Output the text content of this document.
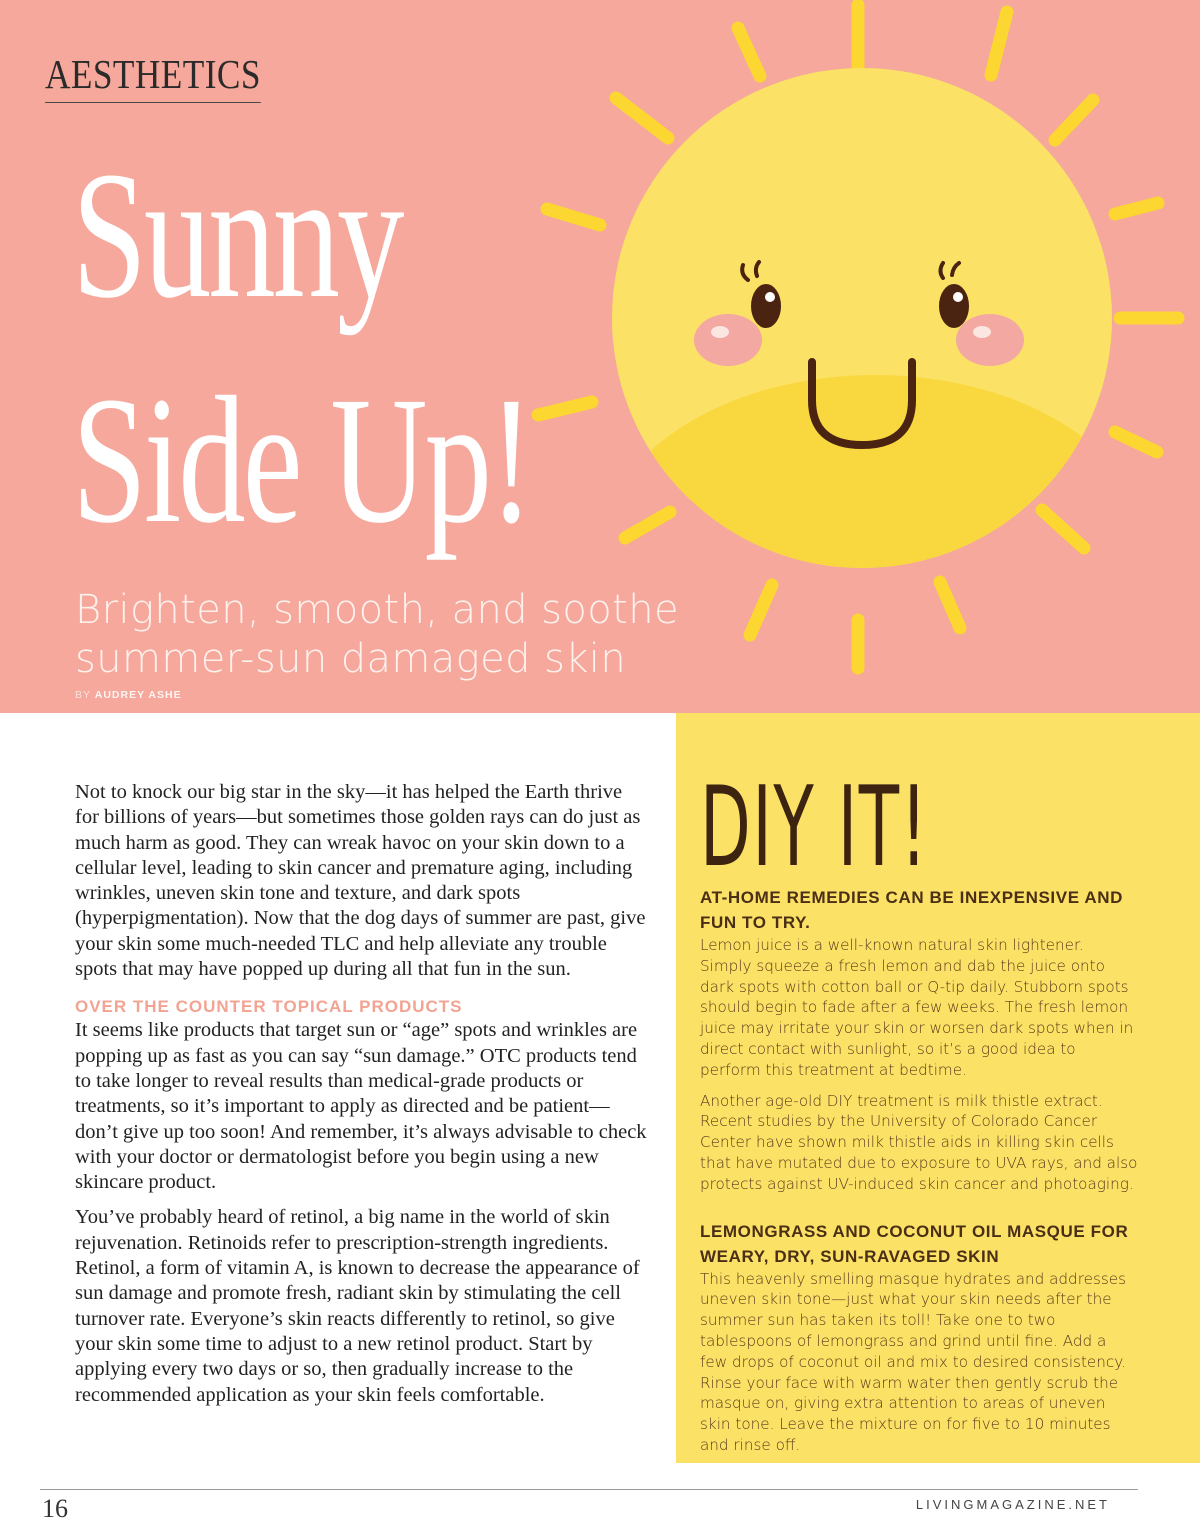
AESTHETICS
Sunny
Side Up!
Brighten, smooth, and soothe summer-sun damaged skin
BY AUDREY ASHE

Not to knock our big star in the sky—it has helped the Earth thrive for billions of years—but sometimes those golden rays can do just as much harm as good. They can wreak havoc on your skin down to a cellular level, leading to skin cancer and premature aging, including wrinkles, uneven skin tone and texture, and dark spots (hyperpigmentation). Now that the dog days of summer are past, give your skin some much-needed TLC and help alleviate any trouble spots that may have popped up during all that fun in the sun.

OVER THE COUNTER TOPICAL PRODUCTS

It seems like products that target sun or “age” spots and wrinkles are popping up as fast as you can say “sun damage.” OTC products tend to take longer to reveal results than medical-grade products or treatments, so it’s important to apply as directed and be patient—don’t give up too soon! And remember, it’s always advisable to check with your doctor or dermatologist before you begin using a new skincare product.

You’ve probably heard of retinol, a big name in the world of skin rejuvenation. Retinoids refer to prescription-strength ingredients. Retinol, a form of vitamin A, is known to decrease the appearance of sun damage and promote fresh, radiant skin by stimulating the cell turnover rate. Everyone’s skin reacts differently to retinol, so give your skin some time to adjust to a new retinol product. Start by applying every two days or so, then gradually increase to the recommended application as your skin feels comfortable.

DIY IT!
AT-HOME REMEDIES CAN BE INEXPENSIVE AND FUN TO TRY.

Lemon juice is a well-known natural skin lightener. Simply squeeze a fresh lemon and dab the juice onto dark spots with cotton ball or Q-tip daily. Stubborn spots should begin to fade after a few weeks. The fresh lemon juice may irritate your skin or worsen dark spots when in direct contact with sunlight, so it’s a good idea to perform this treatment at bedtime.

Another age-old DIY treatment is milk thistle extract. Recent studies by the University of Colorado Cancer Center have shown milk thistle aids in killing skin cells that have mutated due to exposure to UVA rays, and also protects against UV-induced skin cancer and photoaging.

LEMONGRASS AND COCONUT OIL MASQUE FOR WEARY, DRY, SUN-RAVAGED SKIN

This heavenly smelling masque hydrates and addresses uneven skin tone—just what your skin needs after the summer sun has taken its toll! Take one to two tablespoons of lemongrass and grind until fine. Add a few drops of coconut oil and mix to desired consistency. Rinse your face with warm water then gently scrub the masque on, giving extra attention to areas of uneven skin tone. Leave the mixture on for five to 10 minutes and rinse off.

16	LIVINGMAGAZINE.NET
